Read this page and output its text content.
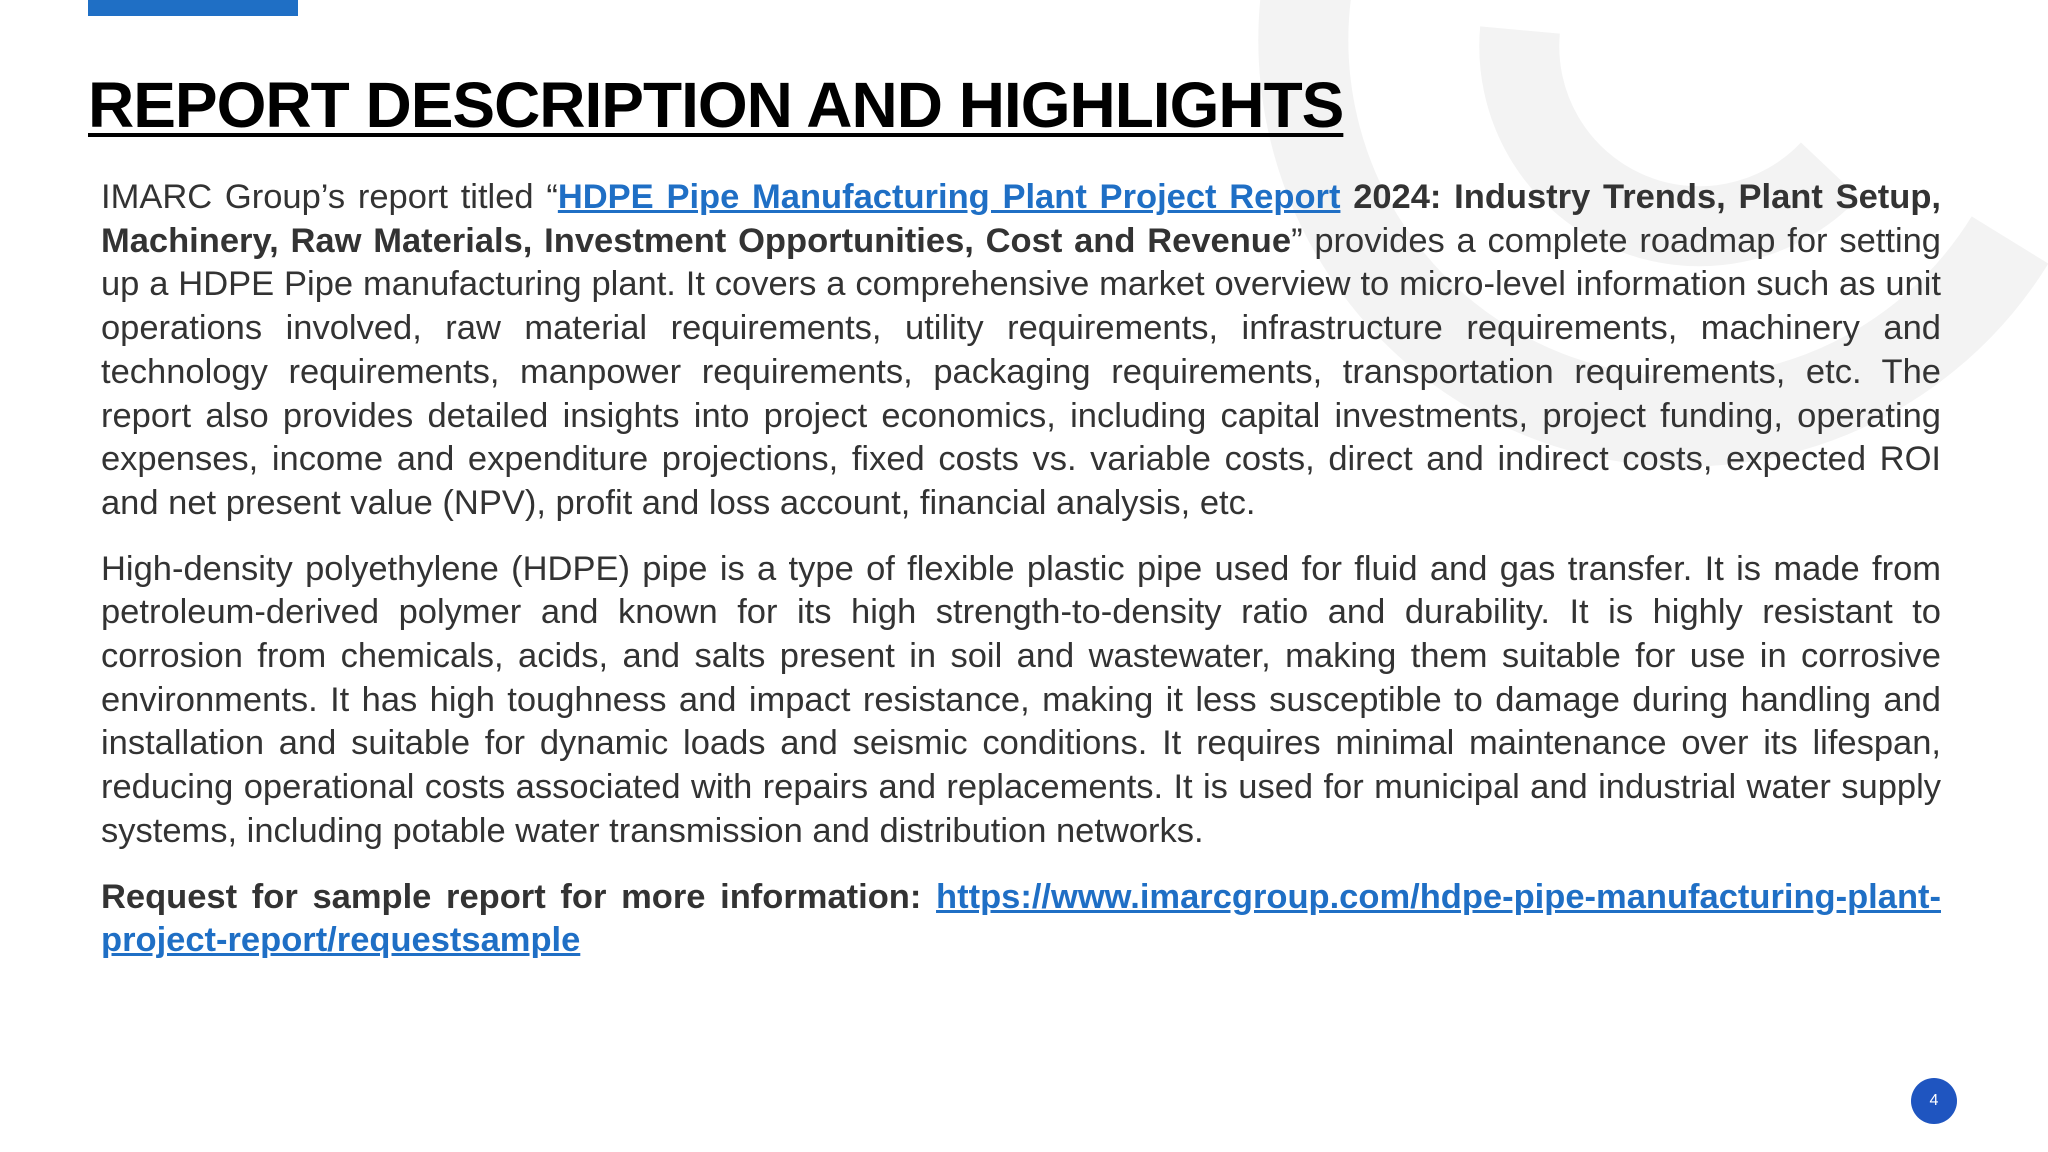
REPORT DESCRIPTION AND HIGHLIGHTS

IMARC Group’s report titled “HDPE Pipe Manufacturing Plant Project Report 2024: Industry Trends, Plant Setup, Machinery, Raw Materials, Investment Opportunities, Cost and Revenue” provides a complete roadmap for setting up a HDPE Pipe manufacturing plant. It covers a comprehensive market overview to micro-level information such as unit operations involved, raw material requirements, utility requirements, infrastructure requirements, machinery and technology requirements, manpower requirements, packaging requirements, transportation requirements, etc. The report also provides detailed insights into project economics, including capital investments, project funding, operating expenses, income and expenditure projections, fixed costs vs. variable costs, direct and indirect costs, expected ROI and net present value (NPV), profit and loss account, financial analysis, etc.

High-density polyethylene (HDPE) pipe is a type of flexible plastic pipe used for fluid and gas transfer. It is made from petroleum-derived polymer and known for its high strength-to-density ratio and durability. It is highly resistant to corrosion from chemicals, acids, and salts present in soil and wastewater, making them suitable for use in corrosive environments. It has high toughness and impact resistance, making it less susceptible to damage during handling and installation and suitable for dynamic loads and seismic conditions. It requires minimal maintenance over its lifespan, reducing operational costs associated with repairs and replacements. It is used for municipal and industrial water supply systems, including potable water transmission and distribution networks.

Request for sample report for more information: https://www.imarcgroup.com/hdpe-pipe-manufacturing-plant-project-report/requestsample

4
